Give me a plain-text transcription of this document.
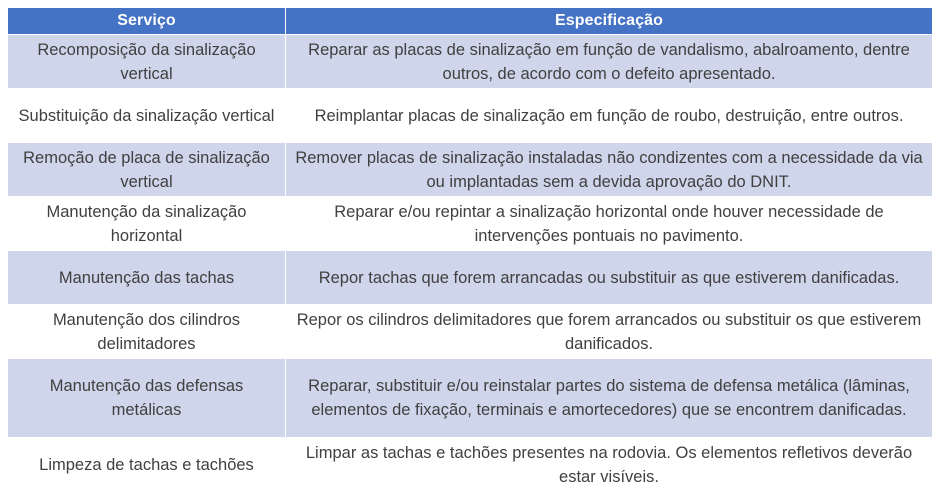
Serviço	Especificação
Recomposição da sinalização vertical	Reparar as placas de sinalização em função de vandalismo, abalroamento, dentre outros, de acordo com o defeito apresentado.
Substituição da sinalização vertical	Reimplantar placas de sinalização em função de roubo, destruição, entre outros.
Remoção de placa de sinalização vertical	Remover placas de sinalização instaladas não condizentes com a necessidade da via ou implantadas sem a devida aprovação do DNIT.
Manutenção da sinalização horizontal	Reparar e/ou repintar a sinalização horizontal onde houver necessidade de intervenções pontuais no pavimento.
Manutenção das tachas	Repor tachas que forem arrancadas ou substituir as que estiverem danificadas.
Manutenção dos cilindros delimitadores	Repor os cilindros delimitadores que forem arrancados ou substituir os que estiverem danificados.
Manutenção das defensas metálicas	Reparar, substituir e/ou reinstalar partes do sistema de defensa metálica (lâminas, elementos de fixação, terminais e amortecedores) que se encontrem danificadas.
Limpeza de tachas e tachões	Limpar as tachas e tachões presentes na rodovia. Os elementos refletivos deverão estar visíveis.
